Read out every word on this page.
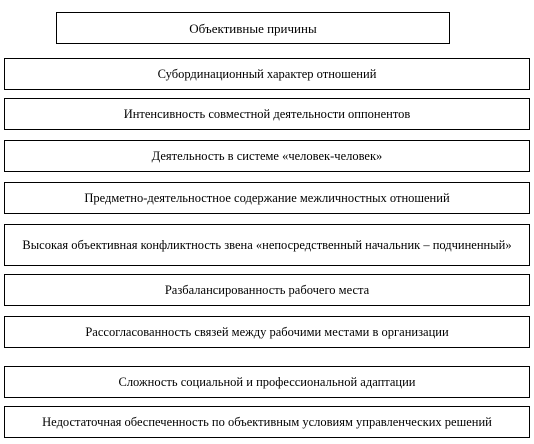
Объективные причины
Субординационный характер отношений
Интенсивность совместной деятельности оппонентов
Деятельность в системе «человек-человек»
Предметно-деятельностное содержание межличностных отношений
Высокая объективная конфликтность звена «непосредственный начальник – подчиненный»
Разбалансированность рабочего места
Рассогласованность связей между рабочими местами в организации
Сложность социальной и профессиональной адаптации
Недостаточная обеспеченность по объективным условиям управленческих решений
